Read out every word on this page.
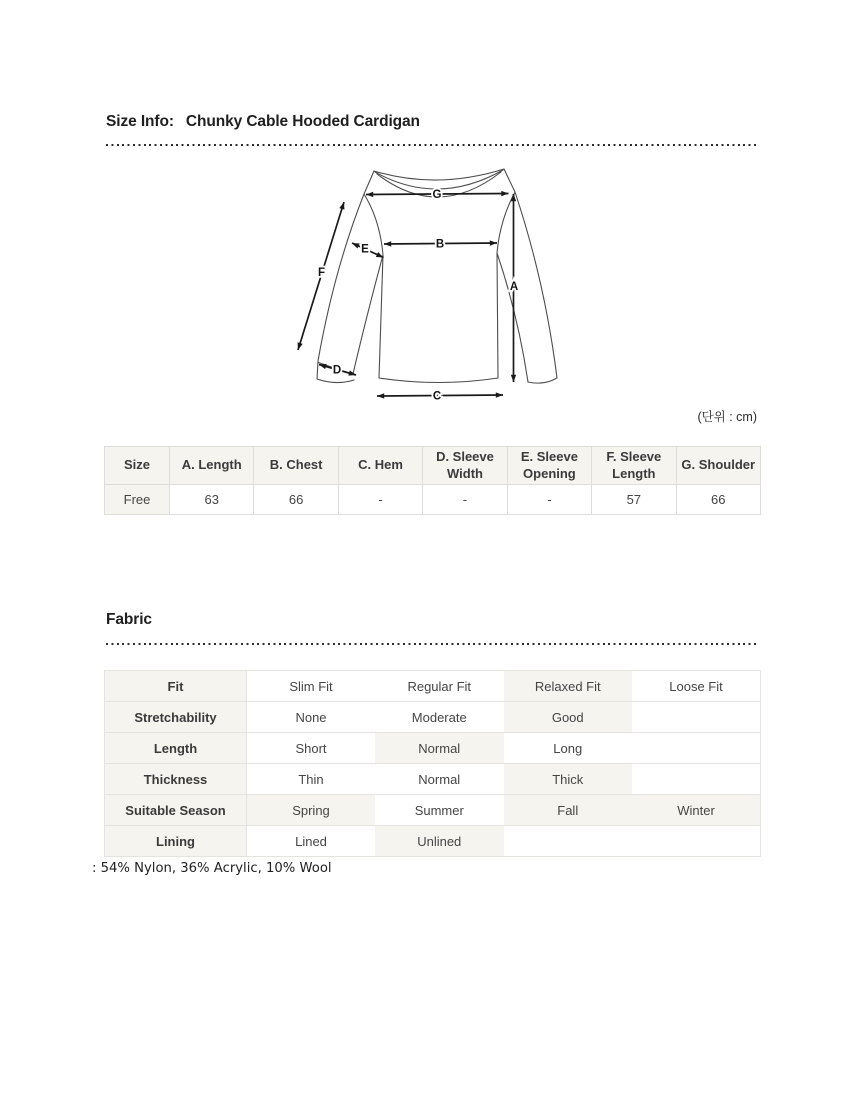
Size Info: Chunky Cable Hooded Cardigan
G
B
A
F
E
D
C
(단위 : cm)
Size	A. Length	B. Chest	C. Hem	D. Sleeve Width	E. Sleeve Opening	F. Sleeve Length	G. Shoulder
Free	63	66	-	-	-	57	66
Fabric
Fit	Slim Fit	Regular Fit	Relaxed Fit	Loose Fit
Stretchability	None	Moderate	Good	
Length	Short	Normal	Long	
Thickness	Thin	Normal	Thick	
Suitable Season	Spring	Summer	Fall	Winter
Lining	Lined	Unlined		
: 54% Nylon, 36% Acrylic, 10% Wool
